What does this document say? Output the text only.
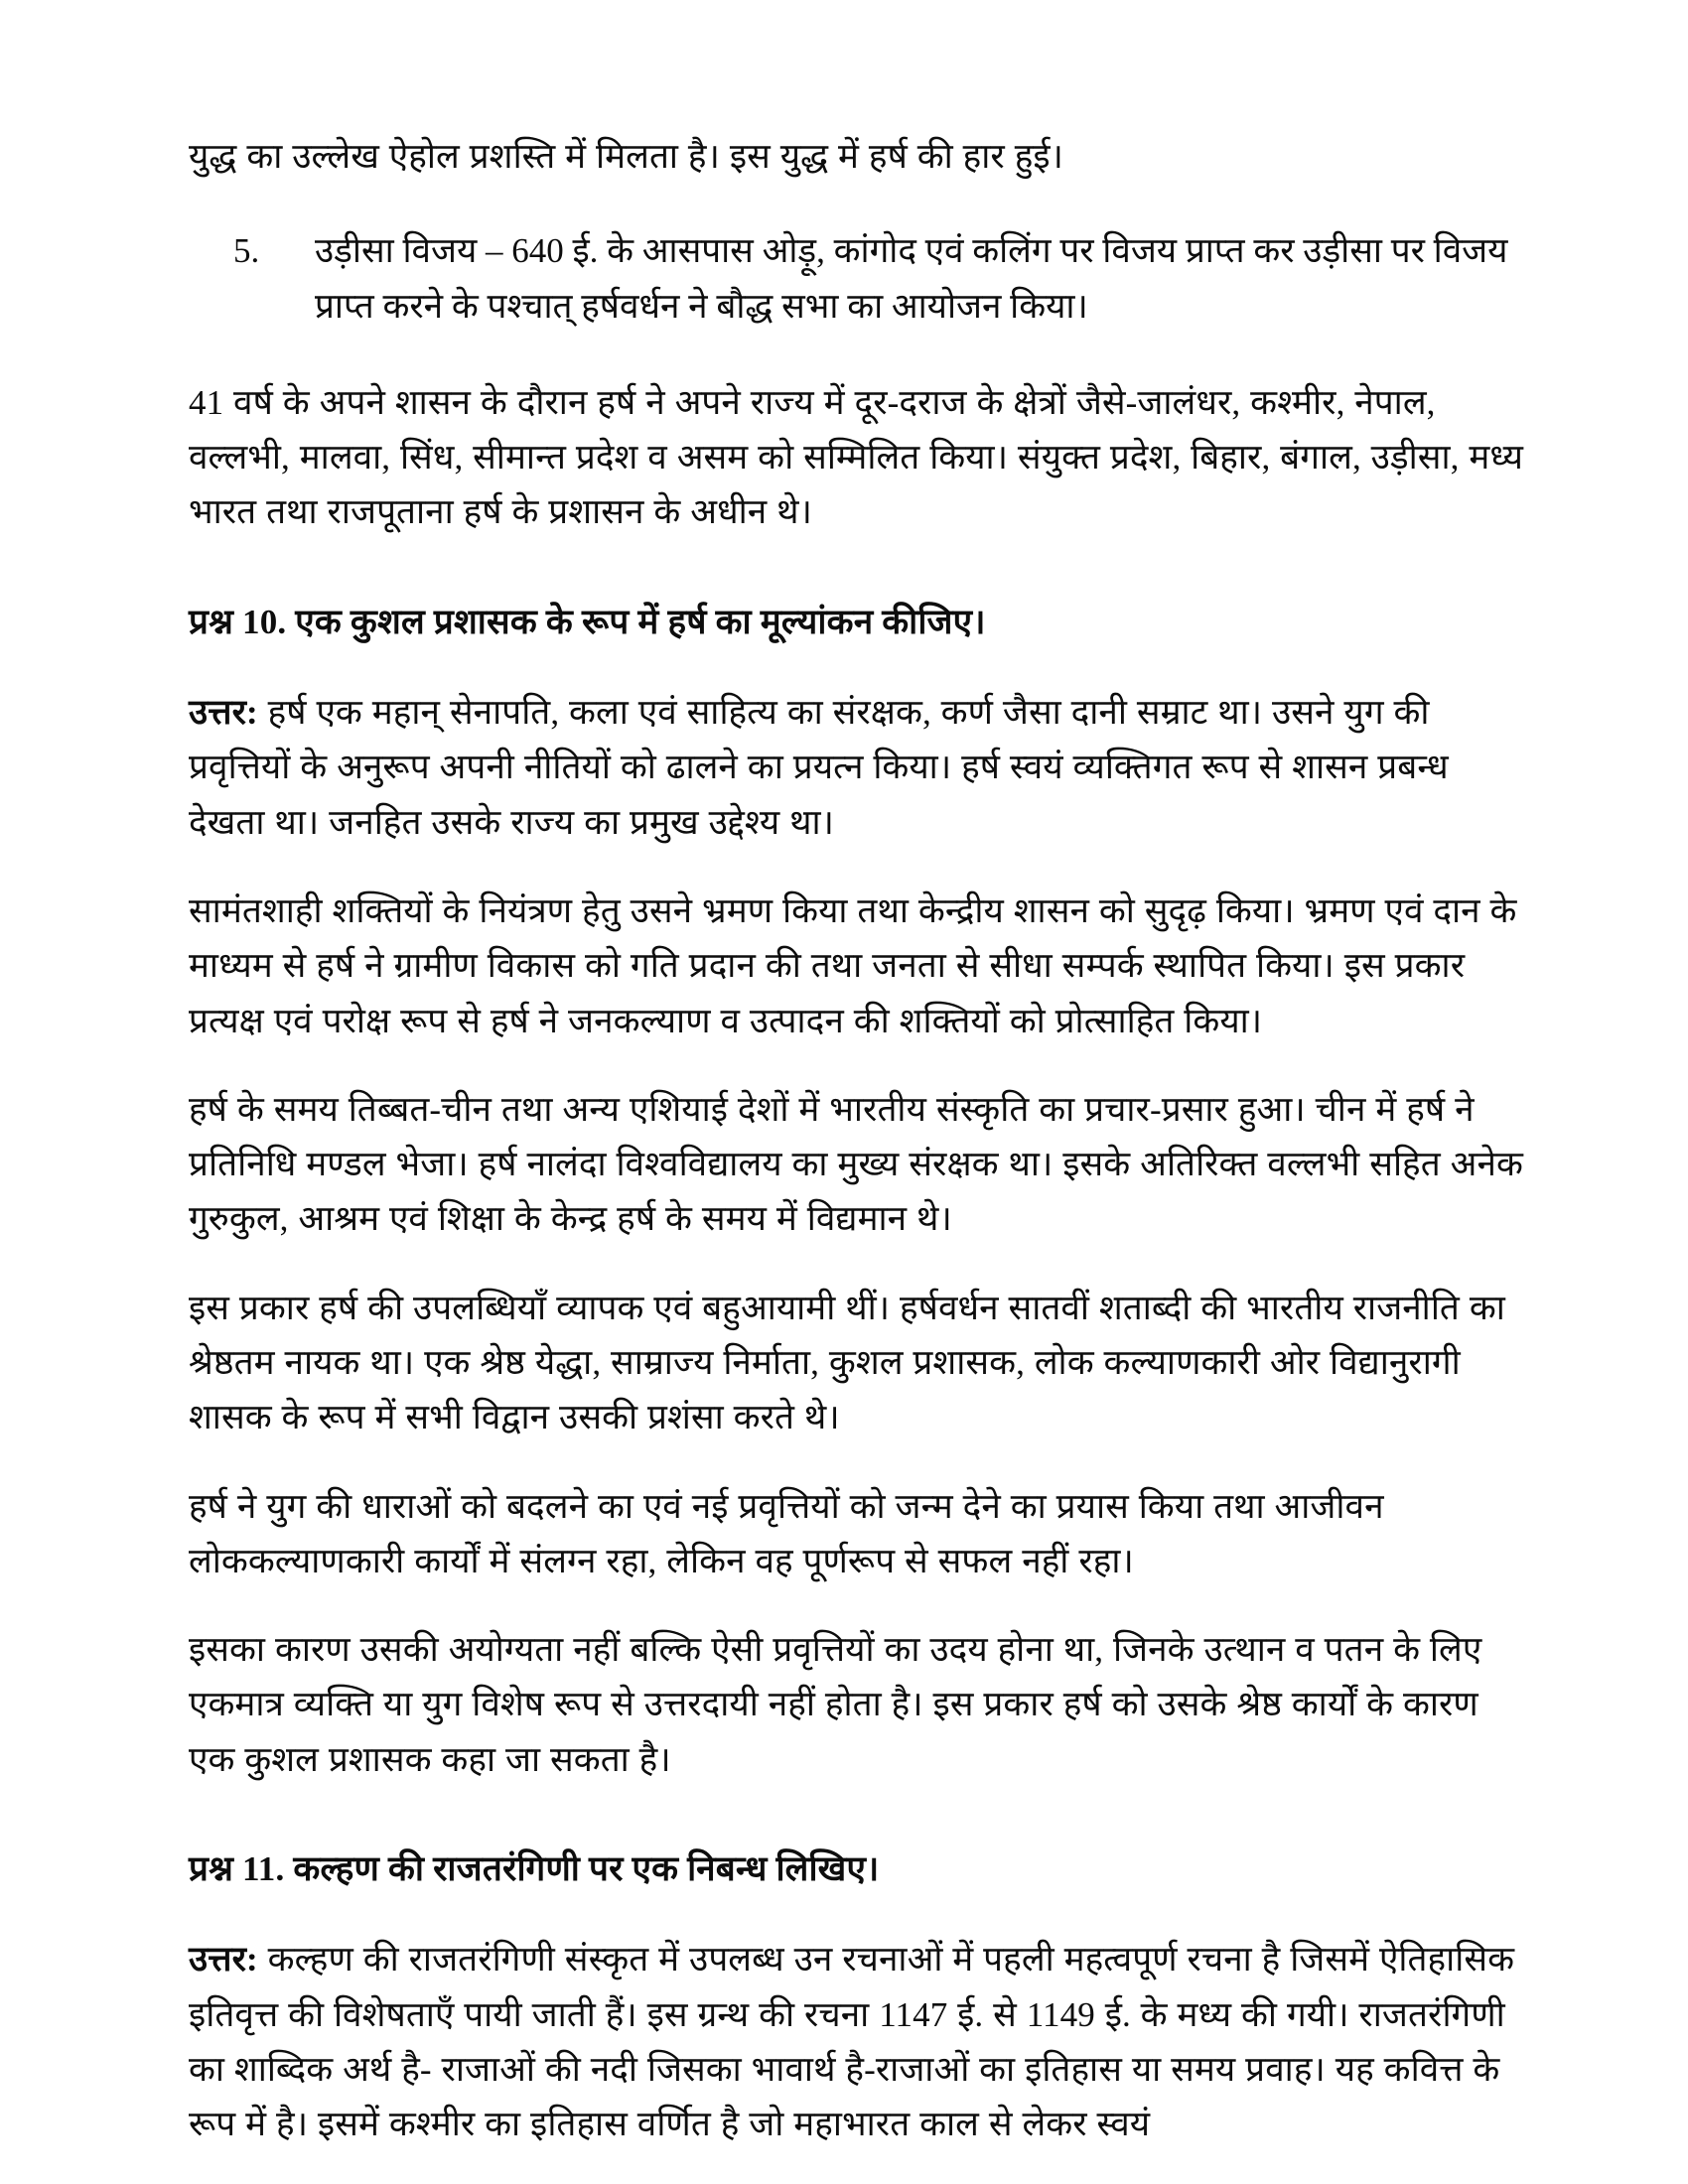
युद्ध का उल्लेख ऐहोल प्रशस्ति में मिलता है। इस युद्ध में हर्ष की हार हुई।

5.	उड़ीसा विजय – 640 ई. के आसपास ओड़ू, कांगोद एवं कलिंग पर विजय प्राप्त कर उड़ीसा पर विजय प्राप्त करने के पश्चात् हर्षवर्धन ने बौद्ध सभा का आयोजन किया।

41 वर्ष के अपने शासन के दौरान हर्ष ने अपने राज्य में दूर-दराज के क्षेत्रों जैसे-जालंधर, कश्मीर, नेपाल, वल्लभी, मालवा, सिंध, सीमान्त प्रदेश व असम को सम्मिलित किया। संयुक्त प्रदेश, बिहार, बंगाल, उड़ीसा, मध्य भारत तथा राजपूताना हर्ष के प्रशासन के अधीन थे।

प्रश्न 10. एक कुशल प्रशासक के रूप में हर्ष का मूल्यांकन कीजिए।

उत्तर: हर्ष एक महान् सेनापति, कला एवं साहित्य का संरक्षक, कर्ण जैसा दानी सम्राट था। उसने युग की प्रवृत्तियों के अनुरूप अपनी नीतियों को ढालने का प्रयत्न किया। हर्ष स्वयं व्यक्तिगत रूप से शासन प्रबन्ध देखता था। जनहित उसके राज्य का प्रमुख उद्देश्य था।

सामंतशाही शक्तियों के नियंत्रण हेतु उसने भ्रमण किया तथा केन्द्रीय शासन को सुदृढ़ किया। भ्रमण एवं दान के माध्यम से हर्ष ने ग्रामीण विकास को गति प्रदान की तथा जनता से सीधा सम्पर्क स्थापित किया। इस प्रकार प्रत्यक्ष एवं परोक्ष रूप से हर्ष ने जनकल्याण व उत्पादन की शक्तियों को प्रोत्साहित किया।

हर्ष के समय तिब्बत-चीन तथा अन्य एशियाई देशों में भारतीय संस्कृति का प्रचार-प्रसार हुआ। चीन में हर्ष ने प्रतिनिधि मण्डल भेजा। हर्ष नालंदा विश्वविद्यालय का मुख्य संरक्षक था। इसके अतिरिक्त वल्लभी सहित अनेक गुरुकुल, आश्रम एवं शिक्षा के केन्द्र हर्ष के समय में विद्यमान थे।

इस प्रकार हर्ष की उपलब्धियाँ व्यापक एवं बहुआयामी थीं। हर्षवर्धन सातवीं शताब्दी की भारतीय राजनीति का श्रेष्ठतम नायक था। एक श्रेष्ठ येद्धा, साम्राज्य निर्माता, कुशल प्रशासक, लोक कल्याणकारी ओर विद्यानुरागी शासक के रूप में सभी विद्वान उसकी प्रशंसा करते थे।

हर्ष ने युग की धाराओं को बदलने का एवं नई प्रवृत्तियों को जन्म देने का प्रयास किया तथा आजीवन लोककल्याणकारी कार्यों में संलग्न रहा, लेकिन वह पूर्णरूप से सफल नहीं रहा।

इसका कारण उसकी अयोग्यता नहीं बल्कि ऐसी प्रवृत्तियों का उदय होना था, जिनके उत्थान व पतन के लिए एकमात्र व्यक्ति या युग विशेष रूप से उत्तरदायी नहीं होता है। इस प्रकार हर्ष को उसके श्रेष्ठ कार्यों के कारण एक कुशल प्रशासक कहा जा सकता है।

प्रश्न 11. कल्हण की राजतरंगिणी पर एक निबन्ध लिखिए।

उत्तर: कल्हण की राजतरंगिणी संस्कृत में उपलब्ध उन रचनाओं में पहली महत्वपूर्ण रचना है जिसमें ऐतिहासिक इतिवृत्त की विशेषताएँ पायी जाती हैं। इस ग्रन्थ की रचना 1147 ई. से 1149 ई. के मध्य की गयी। राजतरंगिणी का शाब्दिक अर्थ है- राजाओं की नदी जिसका भावार्थ है-राजाओं का इतिहास या समय प्रवाह। यह कवित्त के रूप में है। इसमें कश्मीर का इतिहास वर्णित है जो महाभारत काल से लेकर स्वयं
